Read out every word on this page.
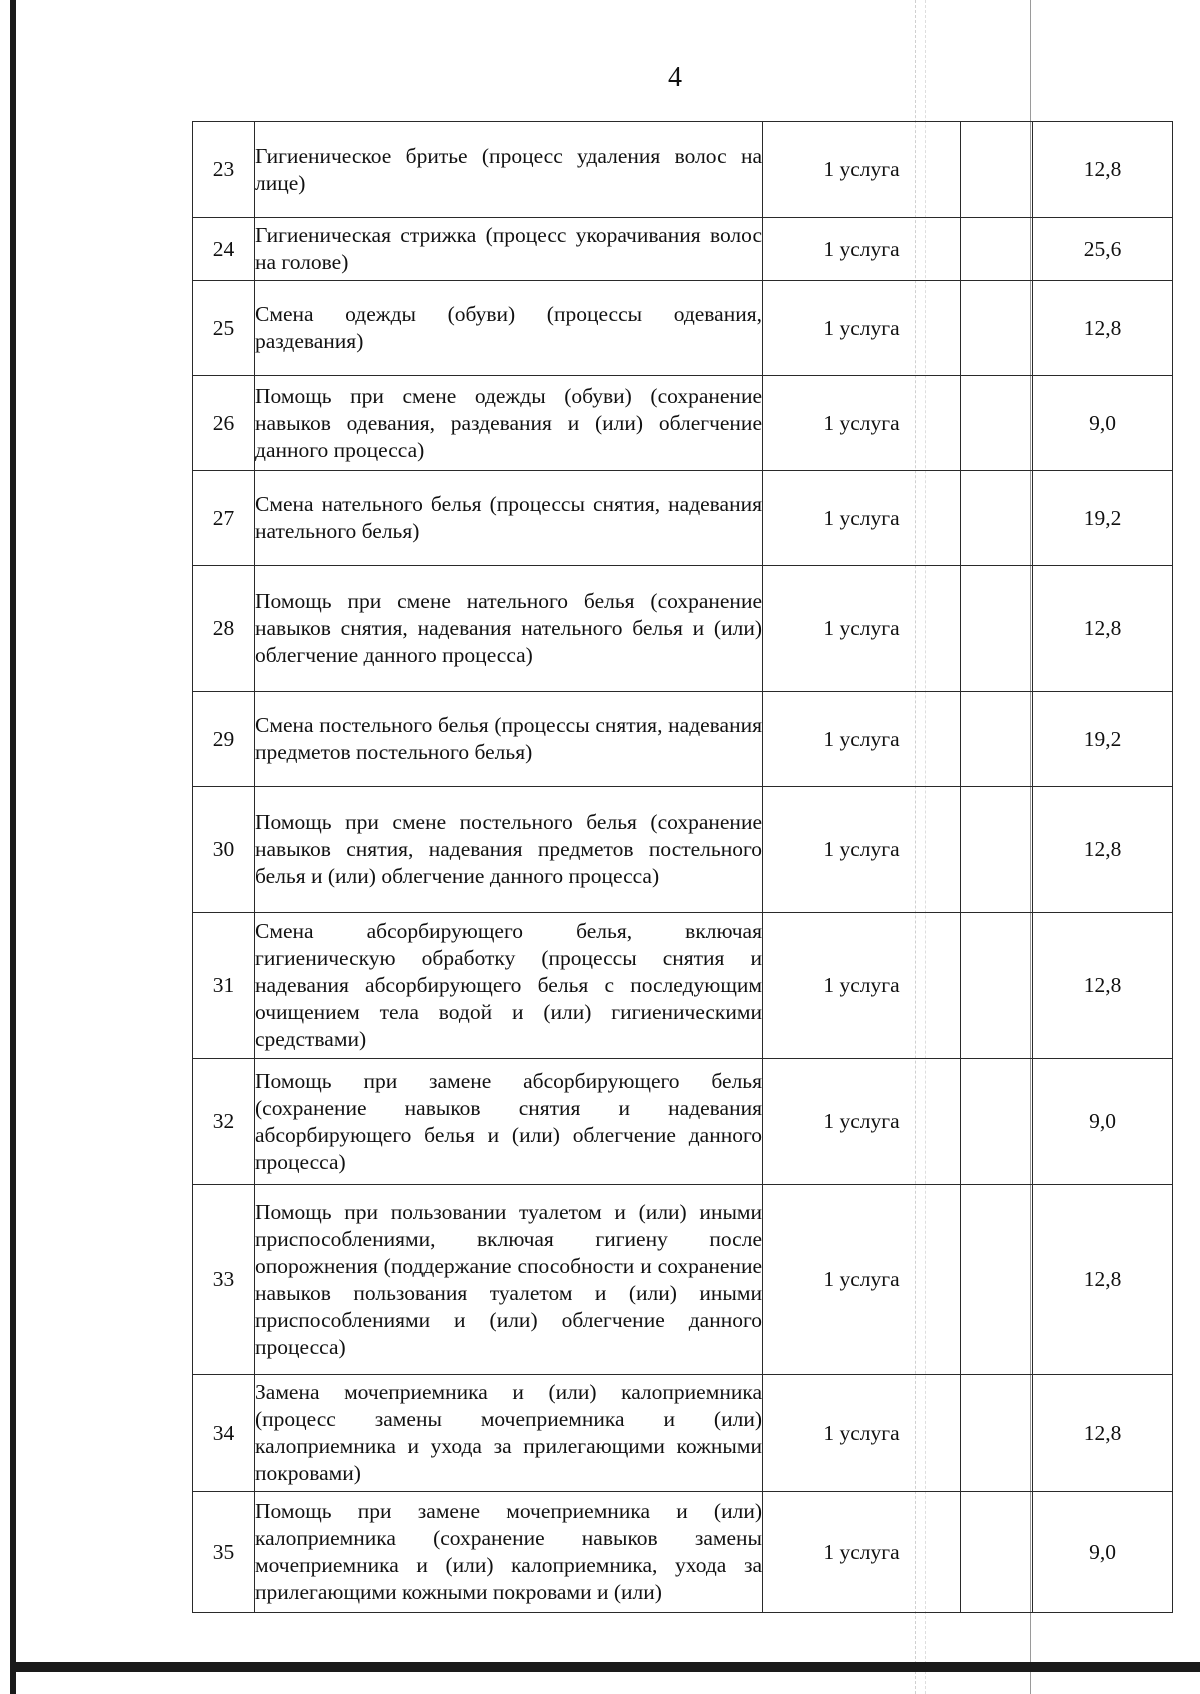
4
23	Гигиеническое бритье (процесс удаления волос на лице)	1 услуга		12,8
24	Гигиеническая стрижка (процесс укорачивания волос на голове)	1 услуга		25,6
25	Смена одежды (обуви) (процессы одевания, раздевания)	1 услуга		12,8
26	Помощь при смене одежды (обуви) (сохранение навыков одевания, раздевания и (или) облегчение данного процесса)	1 услуга		9,0
27	Смена нательного белья (процессы снятия, надевания нательного белья)	1 услуга		19,2
28	Помощь при смене нательного белья (сохранение навыков снятия, надевания нательного белья и (или) облегчение данного процесса)	1 услуга		12,8
29	Смена постельного белья (процессы снятия, надевания предметов постельного белья)	1 услуга		19,2
30	Помощь при смене постельного белья (сохранение навыков снятия, надевания предметов постельного белья и (или) облегчение данного процесса)	1 услуга		12,8
31	Смена абсорбирующего белья, включая гигиеническую обработку (процессы снятия и надевания абсорбирующего белья с последующим очищением тела водой и (или) гигиеническими средствами)	1 услуга		12,8
32	Помощь при замене абсорбирующего белья (сохранение навыков снятия и надевания абсорбирующего белья и (или) облегчение данного процесса)	1 услуга		9,0
33	Помощь при пользовании туалетом и (или) иными приспособлениями, включая гигиену после опорожнения (поддержание способности и сохранение навыков пользования туалетом и (или) иными приспособлениями и (или) облегчение данного процесса)	1 услуга		12,8
34	Замена мочеприемника и (или) калоприемника (процесс замены мочеприемника и (или) калоприемника и ухода за прилегающими кожными покровами)	1 услуга		12,8
35	Помощь при замене мочеприемника и (или) калоприемника (сохранение навыков замены мочеприемника и (или) калоприемника, ухода за прилегающими кожными покровами и (или)	1 услуга		9,0
